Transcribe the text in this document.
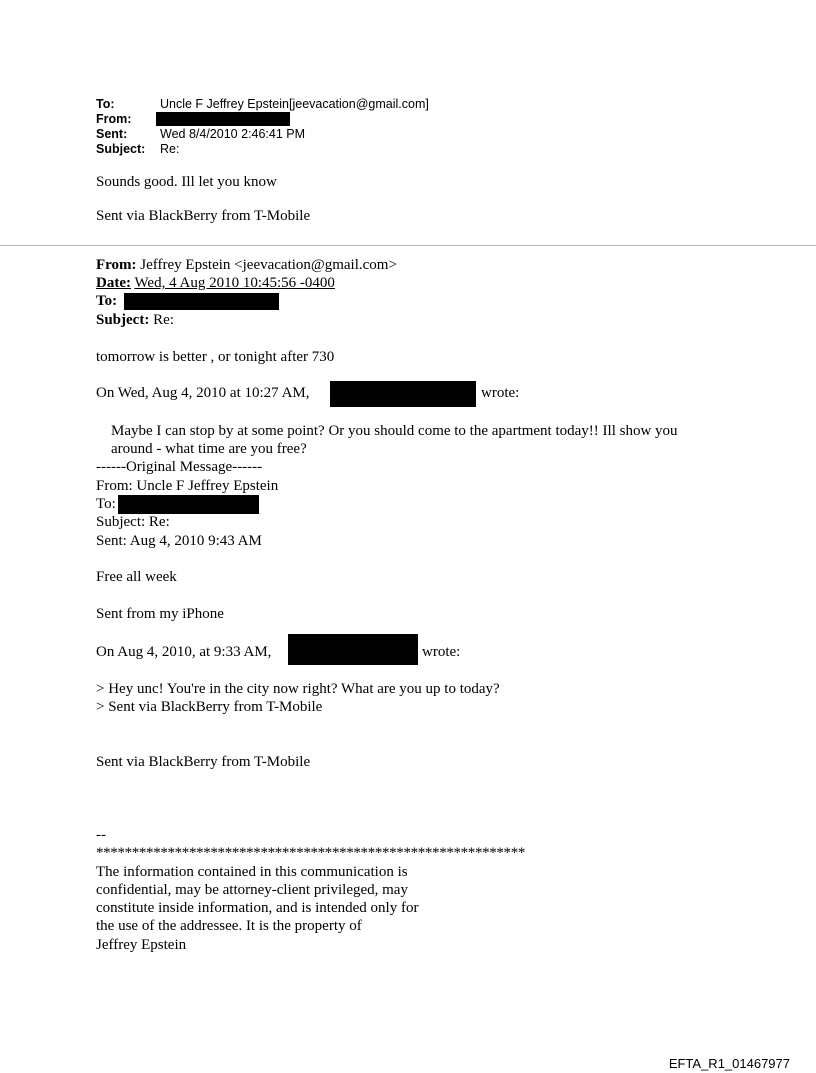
To:	Uncle F Jeffrey Epstein[jeevacation@gmail.com]
From:
Sent:	Wed 8/4/2010 2:46:41 PM
Subject: Re:
Sounds good. Ill let you know
Sent via BlackBerry from T-Mobile
From: Jeffrey Epstein <jeevacation@gmail.com>
Date: Wed, 4 Aug 2010 10:45:56 -0400
To:
Subject: Re:
tomorrow is better , or tonight after 730
On Wed, Aug 4, 2010 at 10:27 AM,	wrote:
Maybe I can stop by at some point? Or you should come to the apartment today!! Ill show you
around - what time are you free?
------Original Message------
From: Uncle F Jeffrey Epstein
To:
Subject: Re:
Sent: Aug 4, 2010 9:43 AM
Free all week
Sent from my iPhone
On Aug 4, 2010, at 9:33 AM,	wrote:
> Hey unc! You're in the city now right? What are you up to today?
> Sent via BlackBerry from T-Mobile
Sent via BlackBerry from T-Mobile
--
************************************************************
The information contained in this communication is
confidential, may be attorney-client privileged, may
constitute inside information, and is intended only for
the use of the addressee. It is the property of
Jeffrey Epstein
EFTA_R1_01467977
